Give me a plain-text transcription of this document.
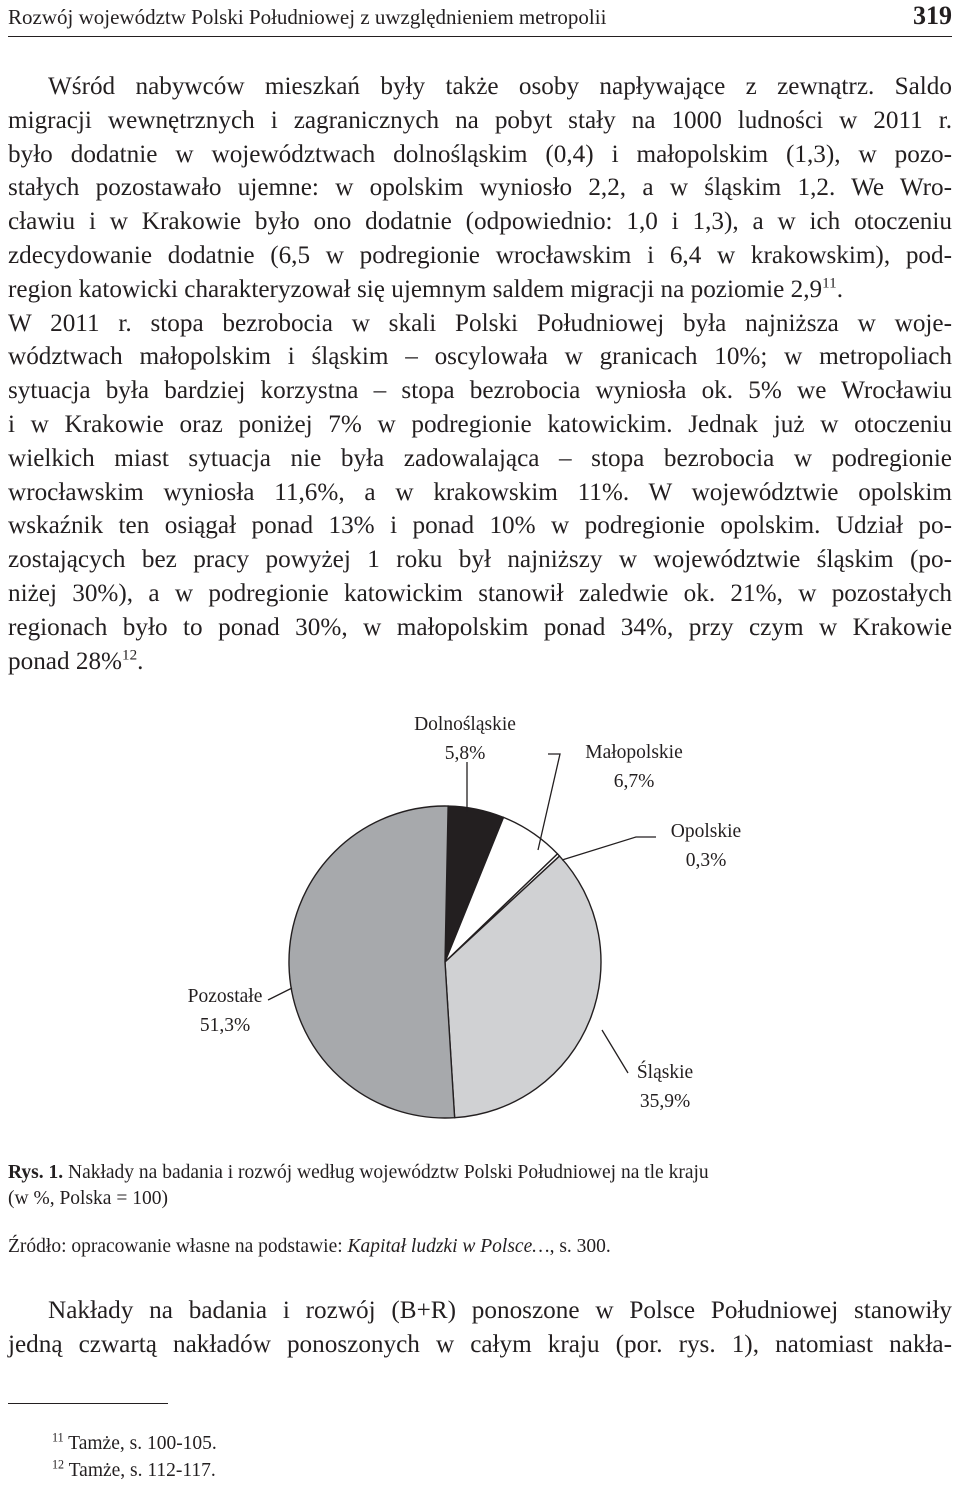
Rozwój województw Polski Południowej z uwzględnieniem metropolii	319
Wśród nabywców mieszkań były także osoby napływające z zewnątrz. Saldo
migracji wewnętrznych i zagranicznych na pobyt stały na 1000 ludności w 2011 r.
było dodatnie w województwach dolnośląskim (0,4) i małopolskim (1,3), w pozo-
stałych pozostawało ujemne: w opolskim wyniosło 2,2, a w śląskim 1,2. We Wro-
cławiu i w Krakowie było ono dodatnie (odpowiednio: 1,0 i 1,3), a w ich otoczeniu
zdecydowanie dodatnie (6,5 w podregionie wrocławskim i 6,4 w krakowskim), pod-
region katowicki charakteryzował się ujemnym saldem migracji na poziomie $2,9^{11}$.
W 2011 r. stopa bezrobocia w skali Polski Południowej była najniższa w woje-
wództwach małopolskim i śląskim – oscylowała w granicach 10%; w metropoliach
sytuacja była bardziej korzystna – stopa bezrobocia wyniosła ok. 5% we Wrocławiu
i w Krakowie oraz poniżej 7% w podregionie katowickim. Jednak już w otoczeniu
wielkich miast sytuacja nie była zadowalająca – stopa bezrobocia w podregionie
wrocławskim wyniosła 11,6%, a w krakowskim 11%. W województwie opolskim
wskaźnik ten osiągał ponad 13% i ponad 10% w podregionie opolskim. Udział po-
zostających bez pracy powyżej 1 roku był najniższy w województwie śląskim (po-
niżej 30%), a w podregionie katowickim stanowił zaledwie ok. 21%, w pozostałych
regionach było to ponad 30%, w małopolskim ponad 34%, przy czym w Krakowie
ponad 28%$^{12}$.
Dolnośląskie
5,8%	Małopolskie
6,7%
Opolskie
0,3%
Śląskie
35,9%
Pozostałe
51,3%
Rys. 1. Nakłady na badania i rozwój według województw Polski Południowej na tle kraju
(w %, Polska = 100)
Źródło: opracowanie własne na podstawie: Kapitał ludzki w Polsce…, s. 300.
Nakłady na badania i rozwój (B+R) ponoszone w Polsce Południowej stanowiły
jedną czwartą nakładów ponoszonych w całym kraju (por. rys. 1), natomiast nakła-
$^{11}$ Tamże, s. 100-105.
$^{12}$ Tamże, s. 112-117.
